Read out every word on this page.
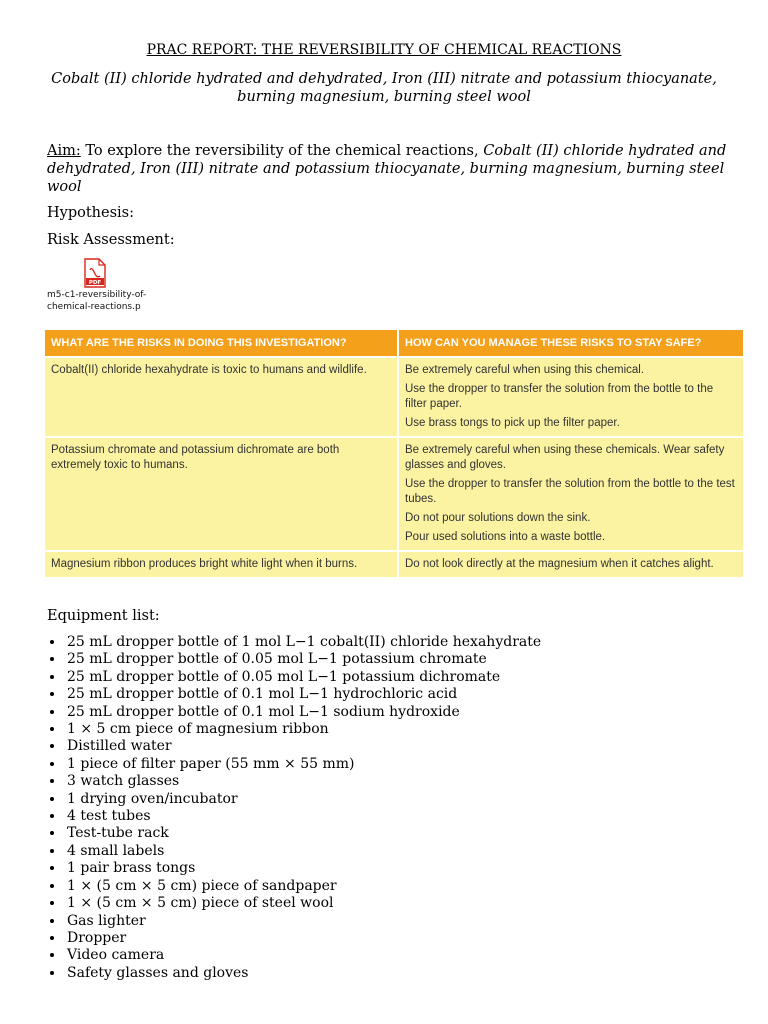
PRAC REPORT: THE REVERSIBILITY OF CHEMICAL REACTIONS
Cobalt (II) chloride hydrated and dehydrated, Iron (III) nitrate and potassium thiocyanate, burning magnesium, burning steel wool
Aim: To explore the reversibility of the chemical reactions, Cobalt (II) chloride hydrated and dehydrated, Iron (III) nitrate and potassium thiocyanate, burning magnesium, burning steel wool
Hypothesis:
Risk Assessment:
PDF
m5-c1-reversibility-of-chemical-reactions.p
WHAT ARE THE RISKS IN DOING THIS INVESTIGATION?	HOW CAN YOU MANAGE THESE RISKS TO STAY SAFE?
Cobalt(II) chloride hexahydrate is toxic to humans and wildlife.	Be extremely careful when using this chemical.

Use the dropper to transfer the solution from the bottle to the filter paper.

Use brass tongs to pick up the filter paper.

Potassium chromate and potassium dichromate are both extremely toxic to humans.	Be extremely careful when using these chemicals. Wear safety glasses and gloves.

Use the dropper to transfer the solution from the bottle to the test tubes.

Do not pour solutions down the sink.

Pour used solutions into a waste bottle.

Magnesium ribbon produces bright white light when it burns.	Do not look directly at the magnesium when it catches alight.

Equipment list:
• 25 mL dropper bottle of 1 mol L−1 cobalt(II) chloride hexahydrate
• 25 mL dropper bottle of 0.05 mol L−1 potassium chromate
• 25 mL dropper bottle of 0.05 mol L−1 potassium dichromate
• 25 mL dropper bottle of 0.1 mol L−1 hydrochloric acid
• 25 mL dropper bottle of 0.1 mol L−1 sodium hydroxide
• 1 × 5 cm piece of magnesium ribbon
• Distilled water
• 1 piece of filter paper (55 mm × 55 mm)
• 3 watch glasses
• 1 drying oven/incubator
• 4 test tubes
• Test-tube rack
• 4 small labels
• 1 pair brass tongs
• 1 × (5 cm × 5 cm) piece of sandpaper
• 1 × (5 cm × 5 cm) piece of steel wool
• Gas lighter
• Dropper
• Video camera
• Safety glasses and gloves
